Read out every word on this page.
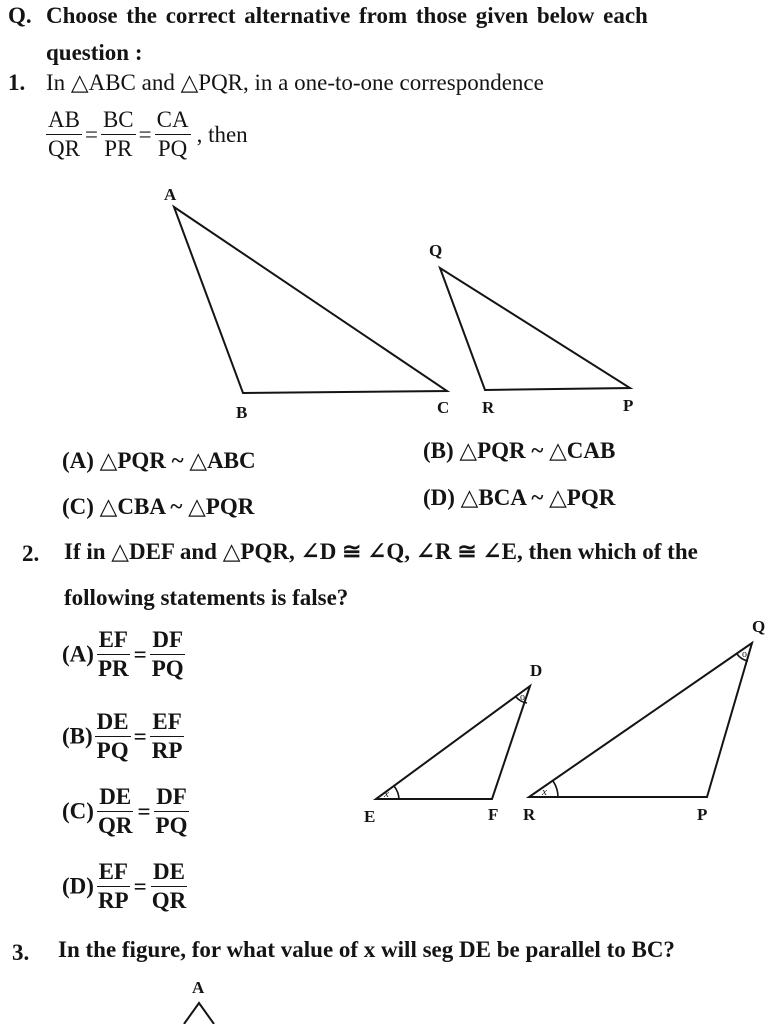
Q. Choose the correct alternative from those given below each
question :
1. In △ABC and △PQR, in a one-to-one correspondence
$\frac{AB}{QR} = \frac{BC}{PR} = \frac{CA}{PQ}$ , then
A
B	C
Q
R	P
(A) △PQR ~ △ABC	(B) △PQR ~ △CAB
(C) △CBA ~ △PQR	(D) △BCA ~ △PQR
2. If in △DEF and △PQR, ∠D ≅ ∠Q, ∠R ≅ ∠E, then which of the
following statements is false?
$(A) \frac{EF}{PR} = \frac{DF}{PQ}$
$(B) \frac{DE}{PQ} = \frac{EF}{RP}$
$(C) \frac{DE}{QR} = \frac{DF}{PQ}$
$(D) \frac{EF}{RP} = \frac{DE}{QR}$
x	x
o
o
D
E	F
Q
R	P
3. In the figure, for what value of x will seg DE be parallel to BC?
A
